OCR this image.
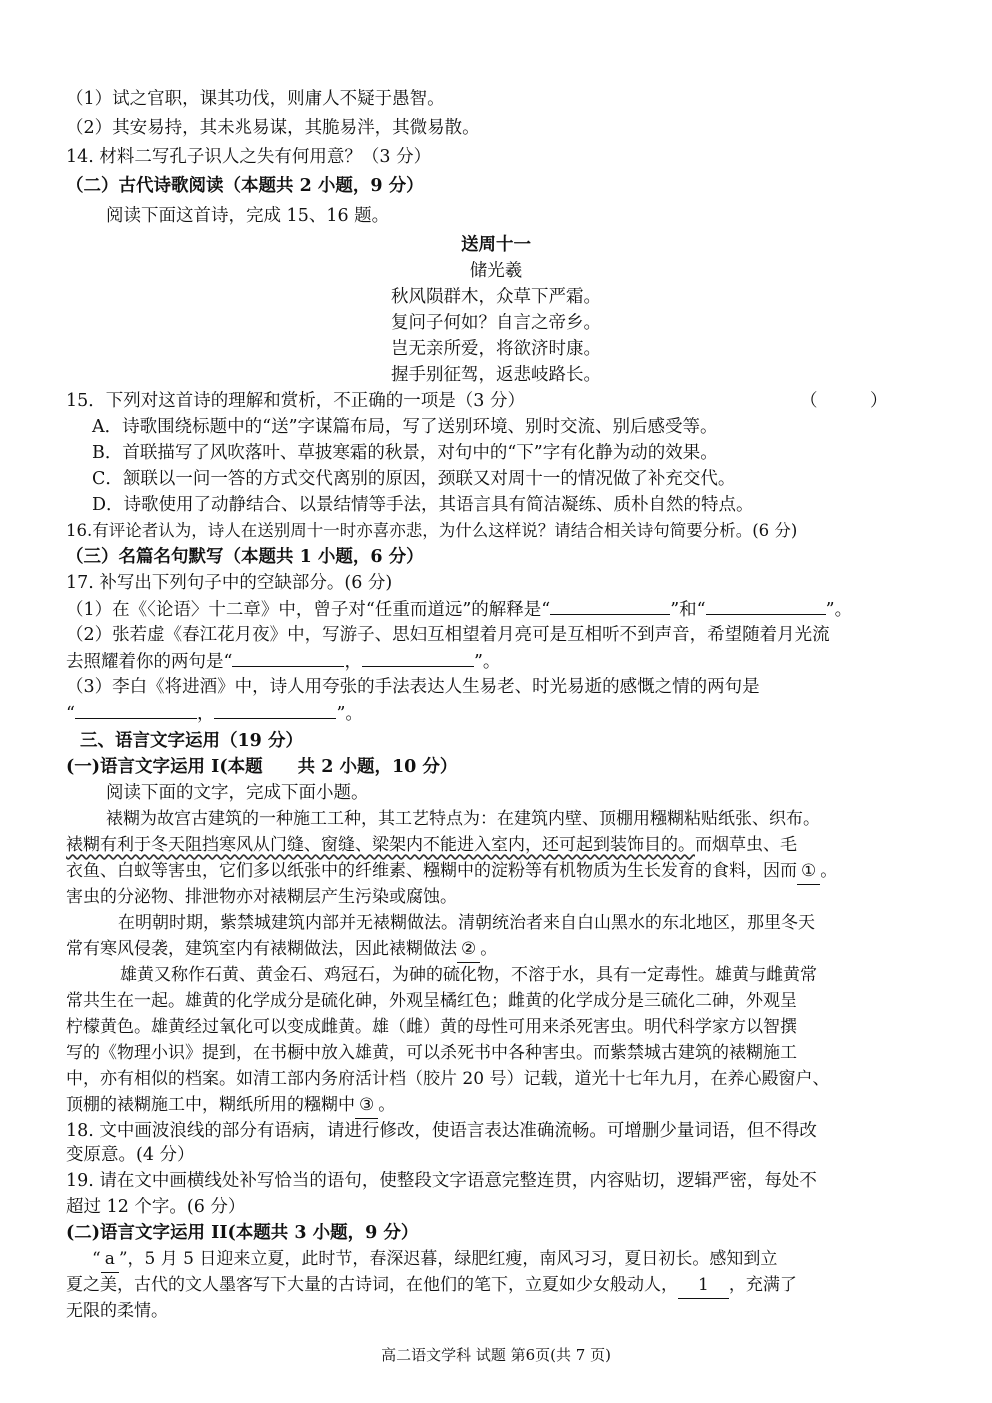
（1）试之官职，课其功伐，则庸人不疑于愚智。
（2）其安易持，其未兆易谋，其脆易泮，其微易散。
14. 材料二写孔子识人之失有何用意？（3 分）
（二）古代诗歌阅读（本题共 2 小题，9 分）
阅读下面这首诗，完成 15、16 题。
送周十一
储光羲
秋风陨群木，众草下严霜。
复问子何如？自言之帝乡。
岂无亲所爱，将欲济时康。
握手别征驾，返悲岐路长。
15．下列对这首诗的理解和赏析，不正确的一项是（3 分）	（　　　）
A．诗歌围绕标题中的“送”字谋篇布局，写了送别环境、别时交流、别后感受等。
B．首联描写了风吹落叶、草披寒霜的秋景，对句中的“下”字有化静为动的效果。
C．颔联以一问一答的方式交代离别的原因，颈联又对周十一的情况做了补充交代。
D．诗歌使用了动静结合、以景结情等手法，其语言具有简洁凝练、质朴自然的特点。
16.有评论者认为，诗人在送别周十一时亦喜亦悲，为什么这样说？请结合相关诗句简要分析。(6 分)
（三）名篇名句默写（本题共 1 小题，6 分）
17. 补写出下列句子中的空缺部分。(6 分)
（1）在《〈论语〉十二章》中，曾子对“任重而道远”的解释是“	”和“	”。
（2）张若虚《春江花月夜》中，写游子、思妇互相望着月亮可是互相听不到声音，希望随着月光流
去照耀着你的两句是“	，	”。
（3）李白《将进酒》中，诗人用夸张的手法表达人生易老、时光易逝的感慨之情的两句是
“	，	”。
三、语言文字运用（19 分）
(一)语言文字运用 I(本题　　共 2 小题，10 分）
阅读下面的文字，完成下面小题。
裱糊为故宫古建筑的一种施工工种，其工艺特点为：在建筑内壁、顶棚用糨糊粘贴纸张、织布。
裱糊有利于冬天阻挡寒风从门缝、窗缝、梁架内不能进入室内，还可起到装饰目的。而烟草虫、毛
衣鱼、白蚁等害虫，它们多以纸张中的纤维素、糨糊中的淀粉等有机物质为生长发育的食料，因而 ① 。
害虫的分泌物、排泄物亦对裱糊层产生污染或腐蚀。
在明朝时期，紫禁城建筑内部并无裱糊做法。清朝统治者来自白山黑水的东北地区，那里冬天
常有寒风侵袭，建筑室内有裱糊做法，因此裱糊做法 ② 。
雄黄又称作石黄、黄金石、鸡冠石，为砷的硫化物，不溶于水，具有一定毒性。雄黄与雌黄常
常共生在一起。雄黄的化学成分是硫化砷，外观呈橘红色；雌黄的化学成分是三硫化二砷，外观呈
柠檬黄色。雄黄经过氧化可以变成雌黄。雄（雌）黄的母性可用来杀死害虫。明代科学家方以智撰
写的《物理小识》提到，在书橱中放入雄黄，可以杀死书中各种害虫。而紫禁城古建筑的裱糊施工
中，亦有相似的档案。如清工部内务府活计档（胶片 20 号）记载，道光十七年九月，在养心殿窗户、
顶棚的裱糊施工中，糊纸所用的糨糊中 ③ 。
18. 文中画波浪线的部分有语病，请进行修改，使语言表达准确流畅。可增删少量词语，但不得改
变原意。(4 分）
19. 请在文中画横线处补写恰当的语句，使整段文字语意完整连贯，内容贴切，逻辑严密，每处不
超过 12 个字。(6 分）
(二)语言文字运用 II(本题共 3 小题，9 分）
“ a ”，5 月 5 日迎来立夏，此时节，春深迟暮，绿肥红瘦，南风习习，夏日初长。感知到立
夏之美，古代的文人墨客写下大量的古诗词，在他们的笔下，立夏如少女般动人， 1 ，充满了
无限的柔情。
高二语文学科 试题 第6页(共 7 页)
